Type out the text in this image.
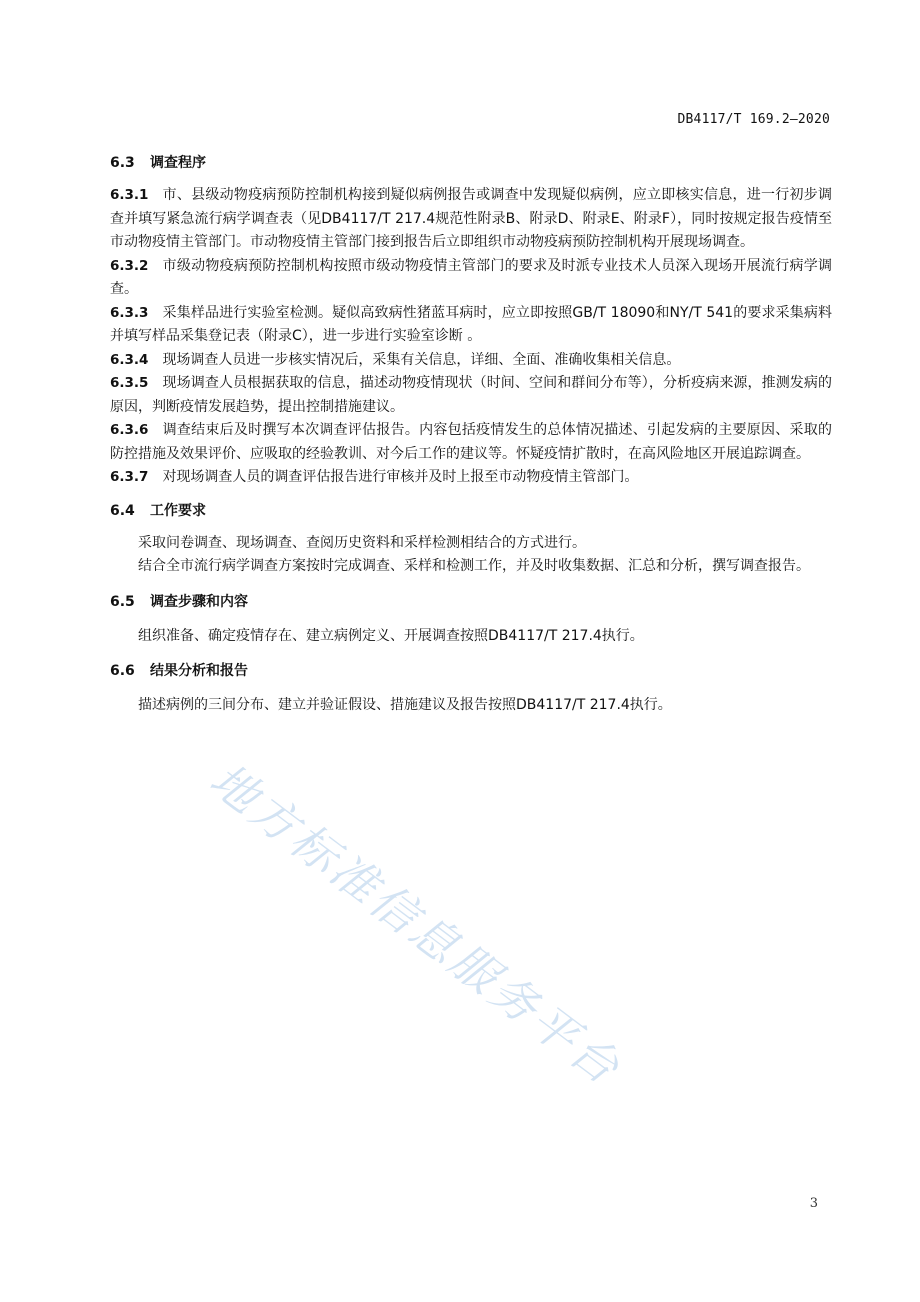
DB4117/T 169.2—2020
6.3	调查程序

6.3.1 市、县级动物疫病预防控制机构接到疑似病例报告或调查中发现疑似病例，应立即核实信息，进一行初步调查并填写紧急流行病学调查表（见DB4117/T 217.4规范性附录B、附录D、附录E、附录F），同时按规定报告疫情至市动物疫情主管部门。市动物疫情主管部门接到报告后立即组织市动物疫病预防控制机构开展现场调查。

6.3.2 市级动物疫病预防控制机构按照市级动物疫情主管部门的要求及时派专业技术人员深入现场开展流行病学调查。

6.3.3 采集样品进行实验室检测。疑似高致病性猪蓝耳病时，应立即按照GB/T 18090和NY/T 541的要求采集病料并填写样品采集登记表（附录C），进一步进行实验室诊断 。

6.3.4 现场调查人员进一步核实情况后，采集有关信息，详细、全面、准确收集相关信息。

6.3.5 现场调查人员根据获取的信息，描述动物疫情现状（时间、空间和群间分布等），分析疫病来源，推测发病的原因，判断疫情发展趋势，提出控制措施建议。

6.3.6 调查结束后及时撰写本次调查评估报告。内容包括疫情发生的总体情况描述、引起发病的主要原因、采取的防控措施及效果评价、应吸取的经验教训、对今后工作的建议等。怀疑疫情扩散时，在高风险地区开展追踪调查。

6.3.7 对现场调查人员的调查评估报告进行审核并及时上报至市动物疫情主管部门。

6.4	工作要求

采取问卷调查、现场调查、查阅历史资料和采样检测相结合的方式进行。

结合全市流行病学调查方案按时完成调查、采样和检测工作，并及时收集数据、汇总和分析，撰写调查报告。

6.5	调查步骤和内容

组织准备、确定疫情存在、建立病例定义、开展调查按照DB4117/T 217.4执行。

6.6	结果分析和报告

描述病例的三间分布、建立并验证假设、措施建议及报告按照DB4117/T 217.4执行。

地方标准信息服务平台
3
